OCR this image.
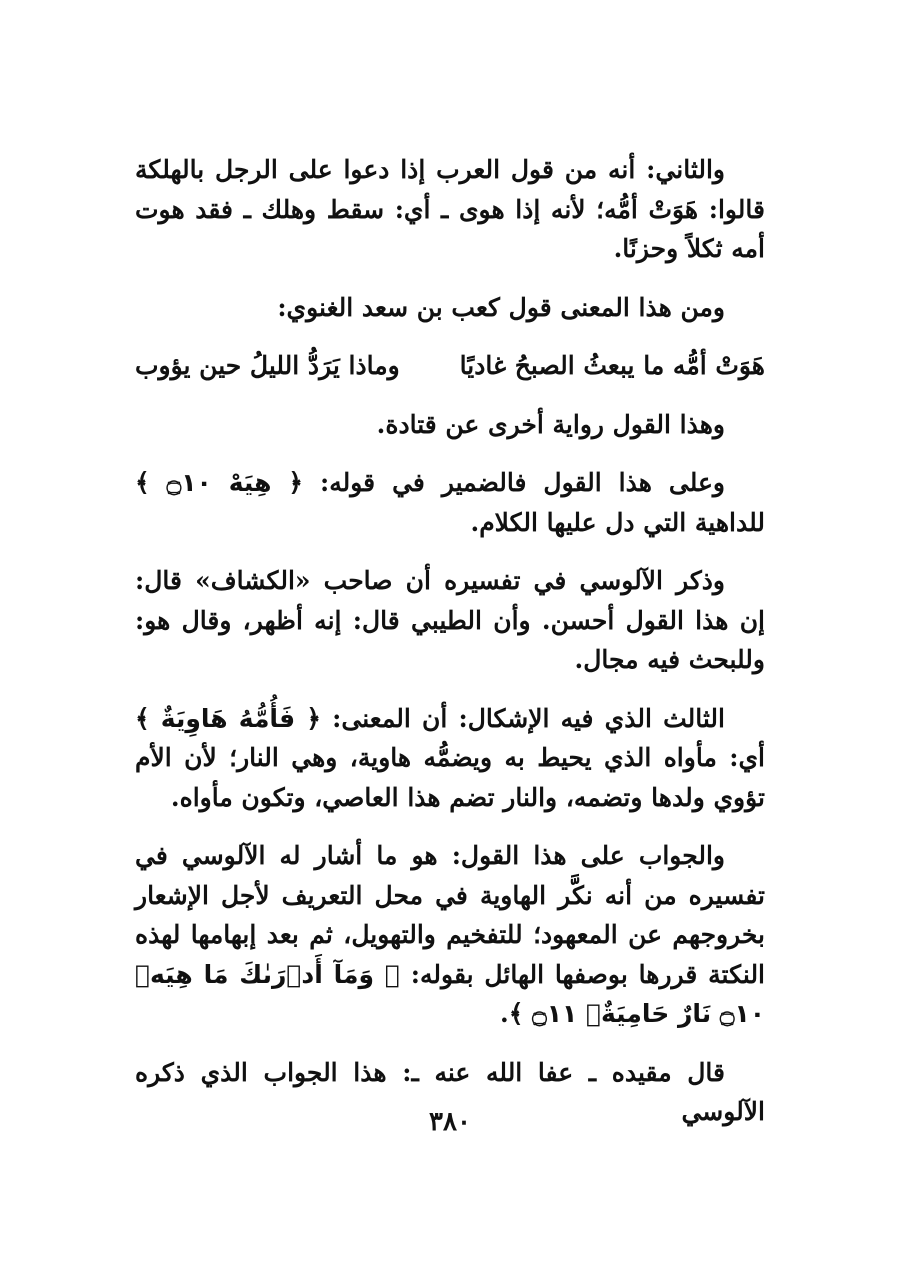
والثاني: أنه من قول العرب إذا دعوا على الرجل بالهلكة قالوا: هَوَتْ أمُّه؛ لأنه إذا هوى ـ أي: سقط وهلك ـ فقد هوت أمه ثكلاً وحزنًا.

ومن هذا المعنى قول كعب بن سعد الغنوي:

هَوَتْ أمُّه ما يبعثُ الصبحُ غاديًا
وماذا يَرَدُّ الليلُ حين يؤوب

وهذا القول رواية أخرى عن قتادة.

وعلى هذا القول فالضمير في قوله: ﴿ هِيَهْ ۝١٠ ﴾ للداهية التي دل عليها الكلام.

وذكر الآلوسي في تفسيره أن صاحب «الكشاف» قال: إن هذا القول أحسن. وأن الطيبي قال: إنه أظهر، وقال هو: وللبحث فيه مجال.

الثالث الذي فيه الإشكال: أن المعنى: ﴿ فَأُمُّهُ هَاوِيَةٌ ﴾ أي: مأواه الذي يحيط به ويضمُّه هاوية، وهي النار؛ لأن الأم تؤوي ولدها وتضمه، والنار تضم هذا العاصي، وتكون مأواه.

والجواب على هذا القول: هو ما أشار له الآلوسي في تفسيره من أنه نكَّر الهاوية في محل التعريف لأجل الإشعار بخروجهم عن المعهود؛ للتفخيم والتهويل، ثم بعد إبهامها لهذه النكتة قررها بوصفها الهائل بقوله: ﴿ وَمَآ أَدۡرَىٰكَ مَا هِيَهۡ ۝١٠ نَارٌ حَامِيَةٌۢ ۝١١ ﴾.

قال مقيده ـ عفا الله عنه ـ: هذا الجواب الذي ذكره الآلوسي

٣٨٠
